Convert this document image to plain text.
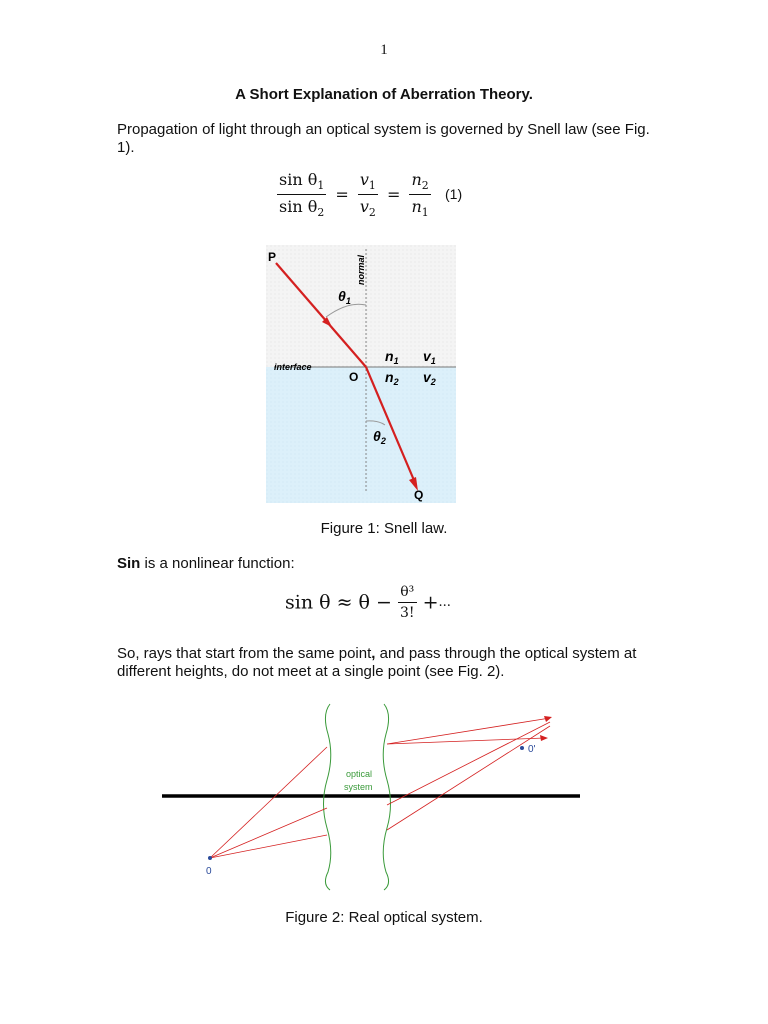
1
A Short Explanation of Aberration Theory.
Propagation of light through an optical system is governed by Snell law (see Fig. 1).
$\frac{\sin \theta_1}{\sin \theta_2} = \frac{v_1}{v_2} = \frac{n_2}{n_1} (1)$
P	normal
$\theta_1$
interface
O
$n_1$ $v_1$
$n_2$ $v_2$
$\theta_2$
Q
Figure 1: Snell law.
Sin is a nonlinear function:
$\sin \theta \approx \theta - \frac{\text{θ³}}{3!}$ +...
So, rays that start from the same point, and pass through the optical system at different heights, do not meet at a single point (see Fig. 2).
optical
system
0
0'
Figure 2: Real optical system.
